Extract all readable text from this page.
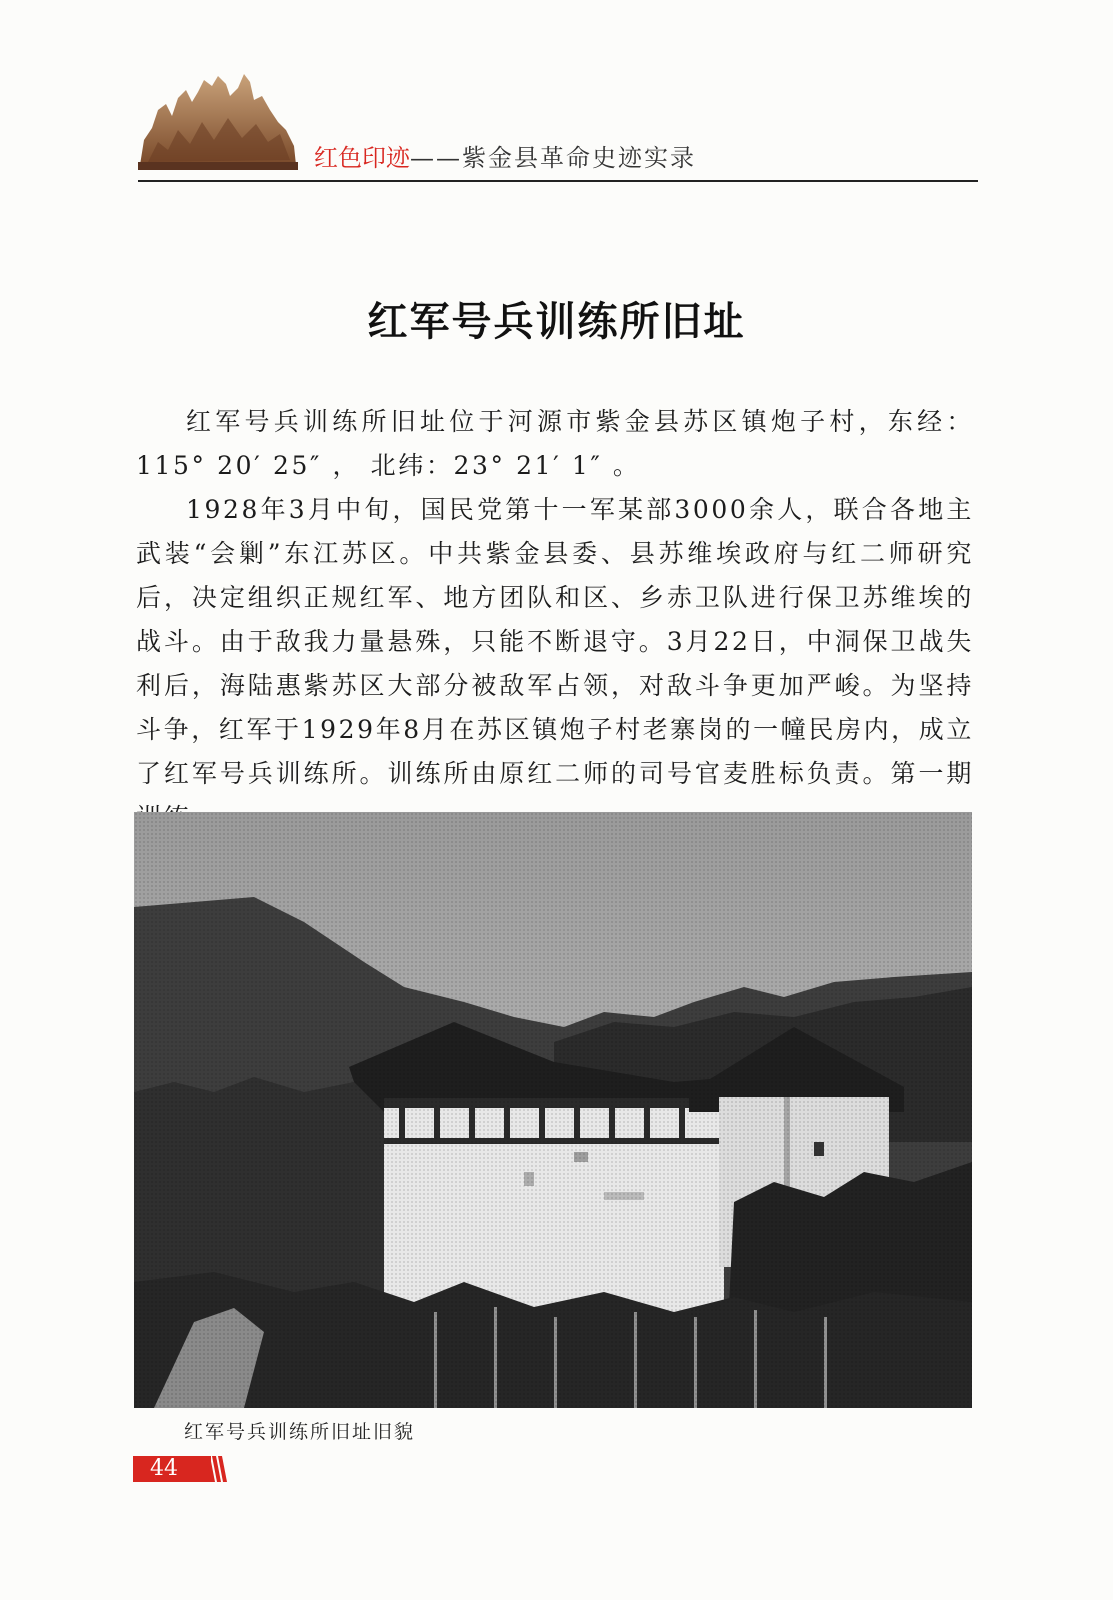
红色印迹——紫金县革命史迹实录
红军号兵训练所旧址

红军号兵训练所旧址位于河源市紫金县苏区镇炮子村，东经：115° 20′ 25″ ， 北纬：23° 21′ 1″ 。

1928年3月中旬，国民党第十一军某部3000余人，联合各地主武装“会剿”东江苏区。中共紫金县委、县苏维埃政府与红二师研究后，决定组织正规红军、地方团队和区、乡赤卫队进行保卫苏维埃的战斗。由于敌我力量悬殊，只能不断退守。3月22日，中洞保卫战失利后，海陆惠紫苏区大部分被敌军占领，对敌斗争更加严峻。为坚持斗争，红军于1929年8月在苏区镇炮子村老寨岗的一幢民房内，成立了红军号兵训练所。训练所由原红二师的司号官麦胜标负责。第一期

红军号兵训练所旧址旧貌
44
